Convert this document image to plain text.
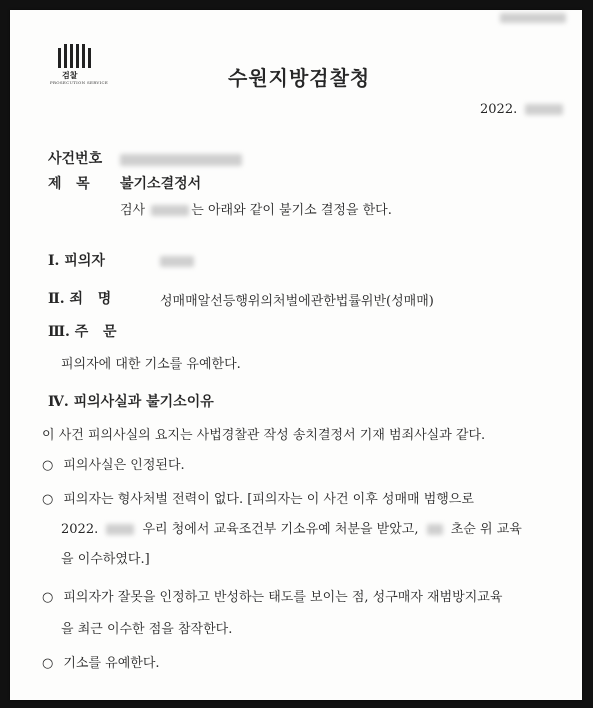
검찰
PROSECUTION SERVICE	수원지방검찰청
2022.
사건번호
제   목 불기소결정서
검사	는 아래와 같이 불기소 결정을 한다.
Ⅰ. 피의자
Ⅱ. 죄   명	성매매알선등행위의처벌에관한법률위반(성매매)
Ⅲ. 주   문
피의자에 대한 기소를 유예한다.
Ⅳ. 피의사실과 불기소이유
이 사건 피의사실의 요지는 사법경찰관 작성 송치결정서 기재 범죄사실과 같다.
○ 피의사실은 인정된다.
○ 피의자는 형사처벌 전력이 없다. [피의자는 이 사건 이후 성매매 범행으로
2022.	우리 청에서 교육조건부 기소유예 처분을 받았고, 초순 위 교육
을 이수하였다.]
○ 피의자가 잘못을 인정하고 반성하는 태도를 보이는 점, 성구매자 재범방지교육
을 최근 이수한 점을 참작한다.
○ 기소를 유예한다.
